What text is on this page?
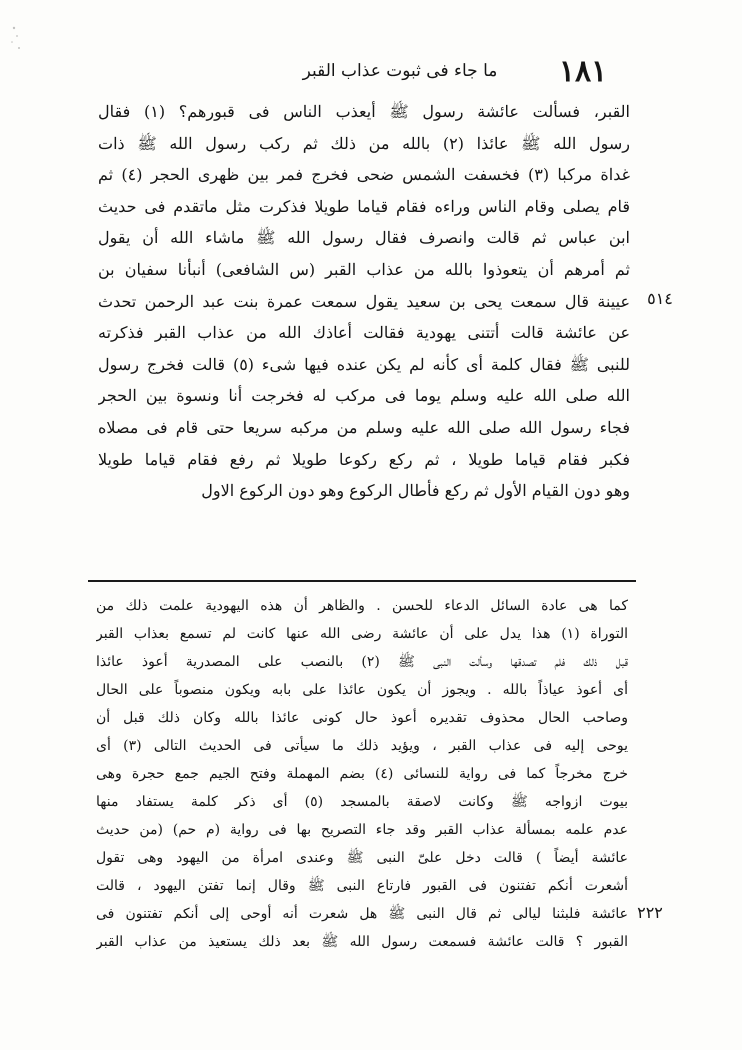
١٨١
ما جاء فى ثبوت عذاب القبر
القبر، فسألت عائشة رسول ﷺ أيعذب الناس فى قبورهم؟ (١) فقال
رسول الله ﷺ عائذا (٢) بالله من ذلك ثم ركب رسول الله ﷺ ذات
غداة مركبا (٣) فخسفت الشمس ضحى فخرج فمر بين ظهرى الحجر (٤) ثم
قام يصلى وقام الناس وراءه فقام قياما طويلا فذكرت مثل ماتقدم فى حديث
ابن عباس ثم قالت وانصرف فقال رسول الله ﷺ ماشاء الله أن يقول
ثم أمرهم أن يتعوذوا بالله من عذاب القبر (س الشافعى) أنبأنا سفيان بن
عيينة قال سمعت يحى بن سعيد يقول سمعت عمرة بنت عبد الرحمن تحدث
عن عائشة قالت أتتنى يهودية فقالت أعاذك الله من عذاب القبر فذكرته
للنبى ﷺ فقال كلمة أى كأنه لم يكن عنده فيها شىء (٥) قالت فخرج رسول
الله صلى الله عليه وسلم يوما فى مركب له فخرجت أنا ونسوة بين الحجر
فجاء رسول الله صلى الله عليه وسلم من مركبه سريعا حتى قام فى مصلاه
فكبر فقام قياما طويلا ، ثم ركع ركوعا طويلا ثم رفع فقام قياما طويلا
وهو دون القيام الأول ثم ركع فأطال الركوع وهو دون الركوع الاول
٥١٤
كما هى عادة السائل الدعاء للحسن . والظاهر أن هذه اليهودية علمت ذلك من
التوراة (١) هذا يدل على أن عائشة رضى الله عنها كانت لم تسمع بعذاب القبر
قبل ذلك فلم تصدقها وسألت النبى ﷺ (٢) بالنصب على المصدرية أعوذ عائذا
أى أعوذ عياذاً بالله . ويجوز أن يكون عائذا على بابه ويكون منصوباً على الحال
وصاحب الحال محذوف تقديره أعوذ حال كونى عائذا بالله وكان ذلك قبل أن
يوحى إليه فى عذاب القبر ، ويؤيد ذلك ما سيأتى فى الحديث التالى (٣) أى
خرج مخرجاً كما فى رواية للنسائى (٤) بضم المهملة وفتح الجيم جمع حجرة وهى
بيوت ازواجه ﷺ وكانت لاصقة بالمسجد (٥) أى ذكر كلمة يستفاد منها
عدم علمه بمسألة عذاب القبر وقد جاء التصريح بها فى رواية (م حم) (من حديث
عائشة أيضاً ) قالت دخل علىّ النبى ﷺ وعندى امرأة من اليهود وهى تقول
أشعرت أنكم تفتنون فى القبور فارتاع النبى ﷺ وقال إنما تفتن اليهود ، قالت
عائشة فلبثنا ليالى ثم قال النبى ﷺ هل شعرت أنه أوحى إلى أنكم تفتنون فى
القبور ؟ قالت عائشة فسمعت رسول الله ﷺ بعد ذلك يستعيذ من عذاب القبر
٢٢٢
